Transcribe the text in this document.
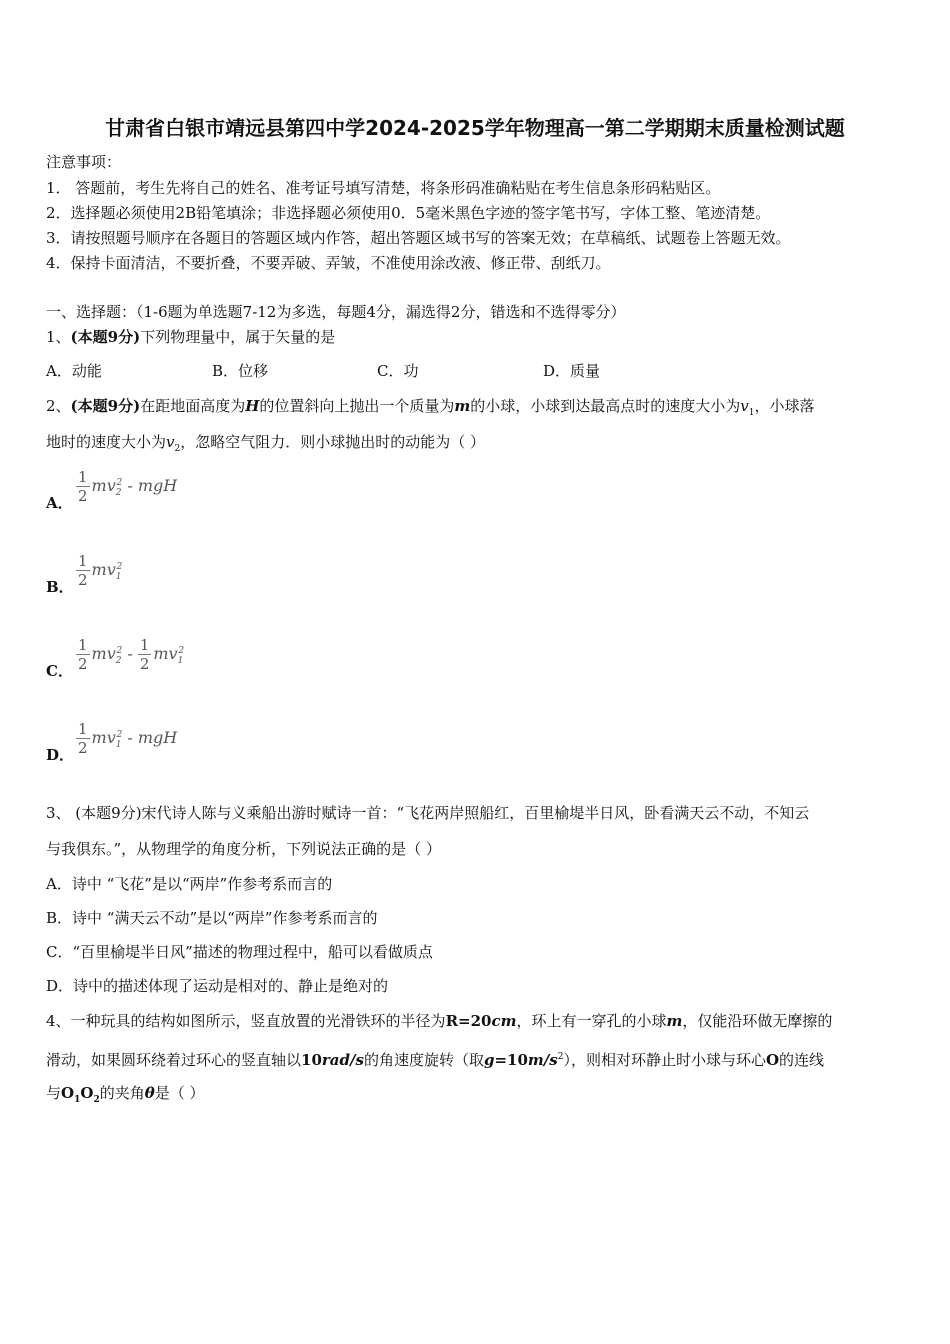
甘肃省白银市靖远县第四中学2024-2025学年物理高一第二学期期末质量检测试题
注意事项：
1． 答题前，考生先将自己的姓名、准考证号填写清楚，将条形码准确粘贴在考生信息条形码粘贴区。
2．选择题必须使用2B铅笔填涂；非选择题必须使用0．5毫米黑色字迹的签字笔书写，字体工整、笔迹清楚。
3．请按照题号顺序在各题目的答题区域内作答，超出答题区域书写的答案无效；在草稿纸、试题卷上答题无效。
4．保持卡面清洁，不要折叠，不要弄破、弄皱，不准使用涂改液、修正带、刮纸刀。
一、选择题：（1-6题为单选题7-12为多选，每题4分，漏选得2分，错选和不选得零分）
1、(本题9分)下列物理量中，属于矢量的是
A．动能	B．位移	C．功	D．质量
2、(本题9分)在距地面高度为H的位置斜向上抛出一个质量为m的小球，小球到达最高点时的速度大小为$v_1$，小球落
地时的速度大小为$v_2$，忽略空气阻力．则小球抛出时的动能为（ ）
A． $\frac{1}{2} mv_2^2$ - mgH
B． $\frac{1}{2} mv_1^2$
C． $\frac{1}{2} mv_2^2 - \frac{1}{2} mv_1^2$
D． $\frac{1}{2} mv_1^2$ - mgH
3、 (本题9分)宋代诗人陈与义乘船出游时赋诗一首：“飞花两岸照船红，百里榆堤半日风，卧看满天云不动，不知云
与我俱东。”，从物理学的角度分析，下列说法正确的是（ ）
A．诗中 “飞花”是以“两岸”作参考系而言的
B．诗中 “满天云不动”是以“两岸”作参考系而言的
C．“百里榆堤半日风”描述的物理过程中，船可以看做质点
D．诗中的描述体现了运动是相对的、静止是绝对的
4、一种玩具的结构如图所示，竖直放置的光滑铁环的半径为R=20cm，环上有一穿孔的小球m，仅能沿环做无摩擦的
滑动，如果圆环绕着过环心的竖直轴以10rad/s的角速度旋转（取$g=10m/s^2$），则相对环静止时小球与环心O的连线
与$O_1O_2$的夹角θ是（ ）
